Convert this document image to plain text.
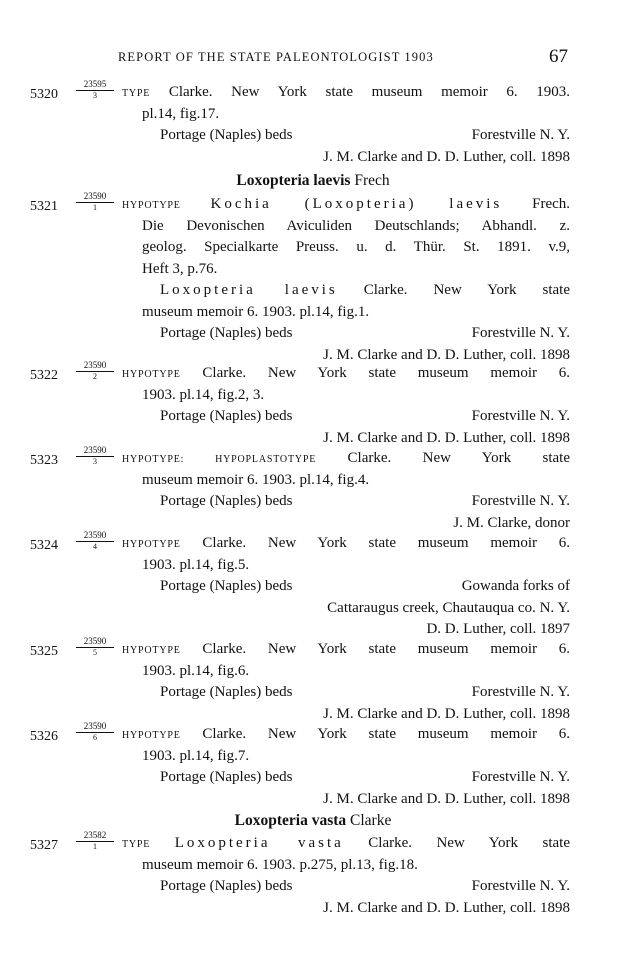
REPORT OF THE STATE PALEONTOLOGIST 1903	67
$5320 \frac{23595}{3}$ TYPE Clarke. New York state museum memoir 6. 1903.
pl.14, fig.17.
Portage (Naples) beds	Forestville N. Y.
J. M. Clarke and D. D. Luther, coll. 1898
Loxopteria laevis Frech
$5321 \frac{23590}{1}$ HYPOTYPE Kochia (Loxopteria) laevis Frech.
Die Devonischen Aviculiden Deutschlands; Abhandl. z.
geolog. Specialkarte Preuss. u. d. Thür. St. 1891. v.9,
Heft 3, p.76.
Loxopteria laevis Clarke. New York state
museum memoir 6. 1903. pl.14, fig.1.
Portage (Naples) beds	Forestville N. Y.
J. M. Clarke and D. D. Luther, coll. 1898
$5322 \frac{23590}{2}$ HYPOTYPE Clarke. New York state museum memoir 6.
1903. pl.14, fig.2, 3.
Portage (Naples) beds	Forestville N. Y.
J. M. Clarke and D. D. Luther, coll. 1898
$5323 \frac{23590}{3}$ HYPOTYPE: HYPOPLASTOTYPE Clarke. New York state
museum memoir 6. 1903. pl.14, fig.4.
Portage (Naples) beds	Forestville N. Y.
J. M. Clarke, donor
$5324 \frac{23590}{4}$ HYPOTYPE Clarke. New York state museum memoir 6.
1903. pl.14, fig.5.
Portage (Naples) beds	Gowanda forks of
Cattaraugus creek, Chautauqua co. N. Y.
D. D. Luther, coll. 1897
$5325 \frac{23590}{5}$ HYPOTYPE Clarke. New York state museum memoir 6.
1903. pl.14, fig.6.
Portage (Naples) beds	Forestville N. Y.
J. M. Clarke and D. D. Luther, coll. 1898
$5326 \frac{23590}{6}$ HYPOTYPE Clarke. New York state museum memoir 6.
1903. pl.14, fig.7.
Portage (Naples) beds	Forestville N. Y.
J. M. Clarke and D. D. Luther, coll. 1898
Loxopteria vasta Clarke
$5327 \frac{23582}{1}$ TYPE Loxopteria vasta Clarke. New York state
museum memoir 6. 1903. p.275, pl.13, fig.18.
Portage (Naples) beds	Forestville N. Y.
J. M. Clarke and D. D. Luther, coll. 1898
